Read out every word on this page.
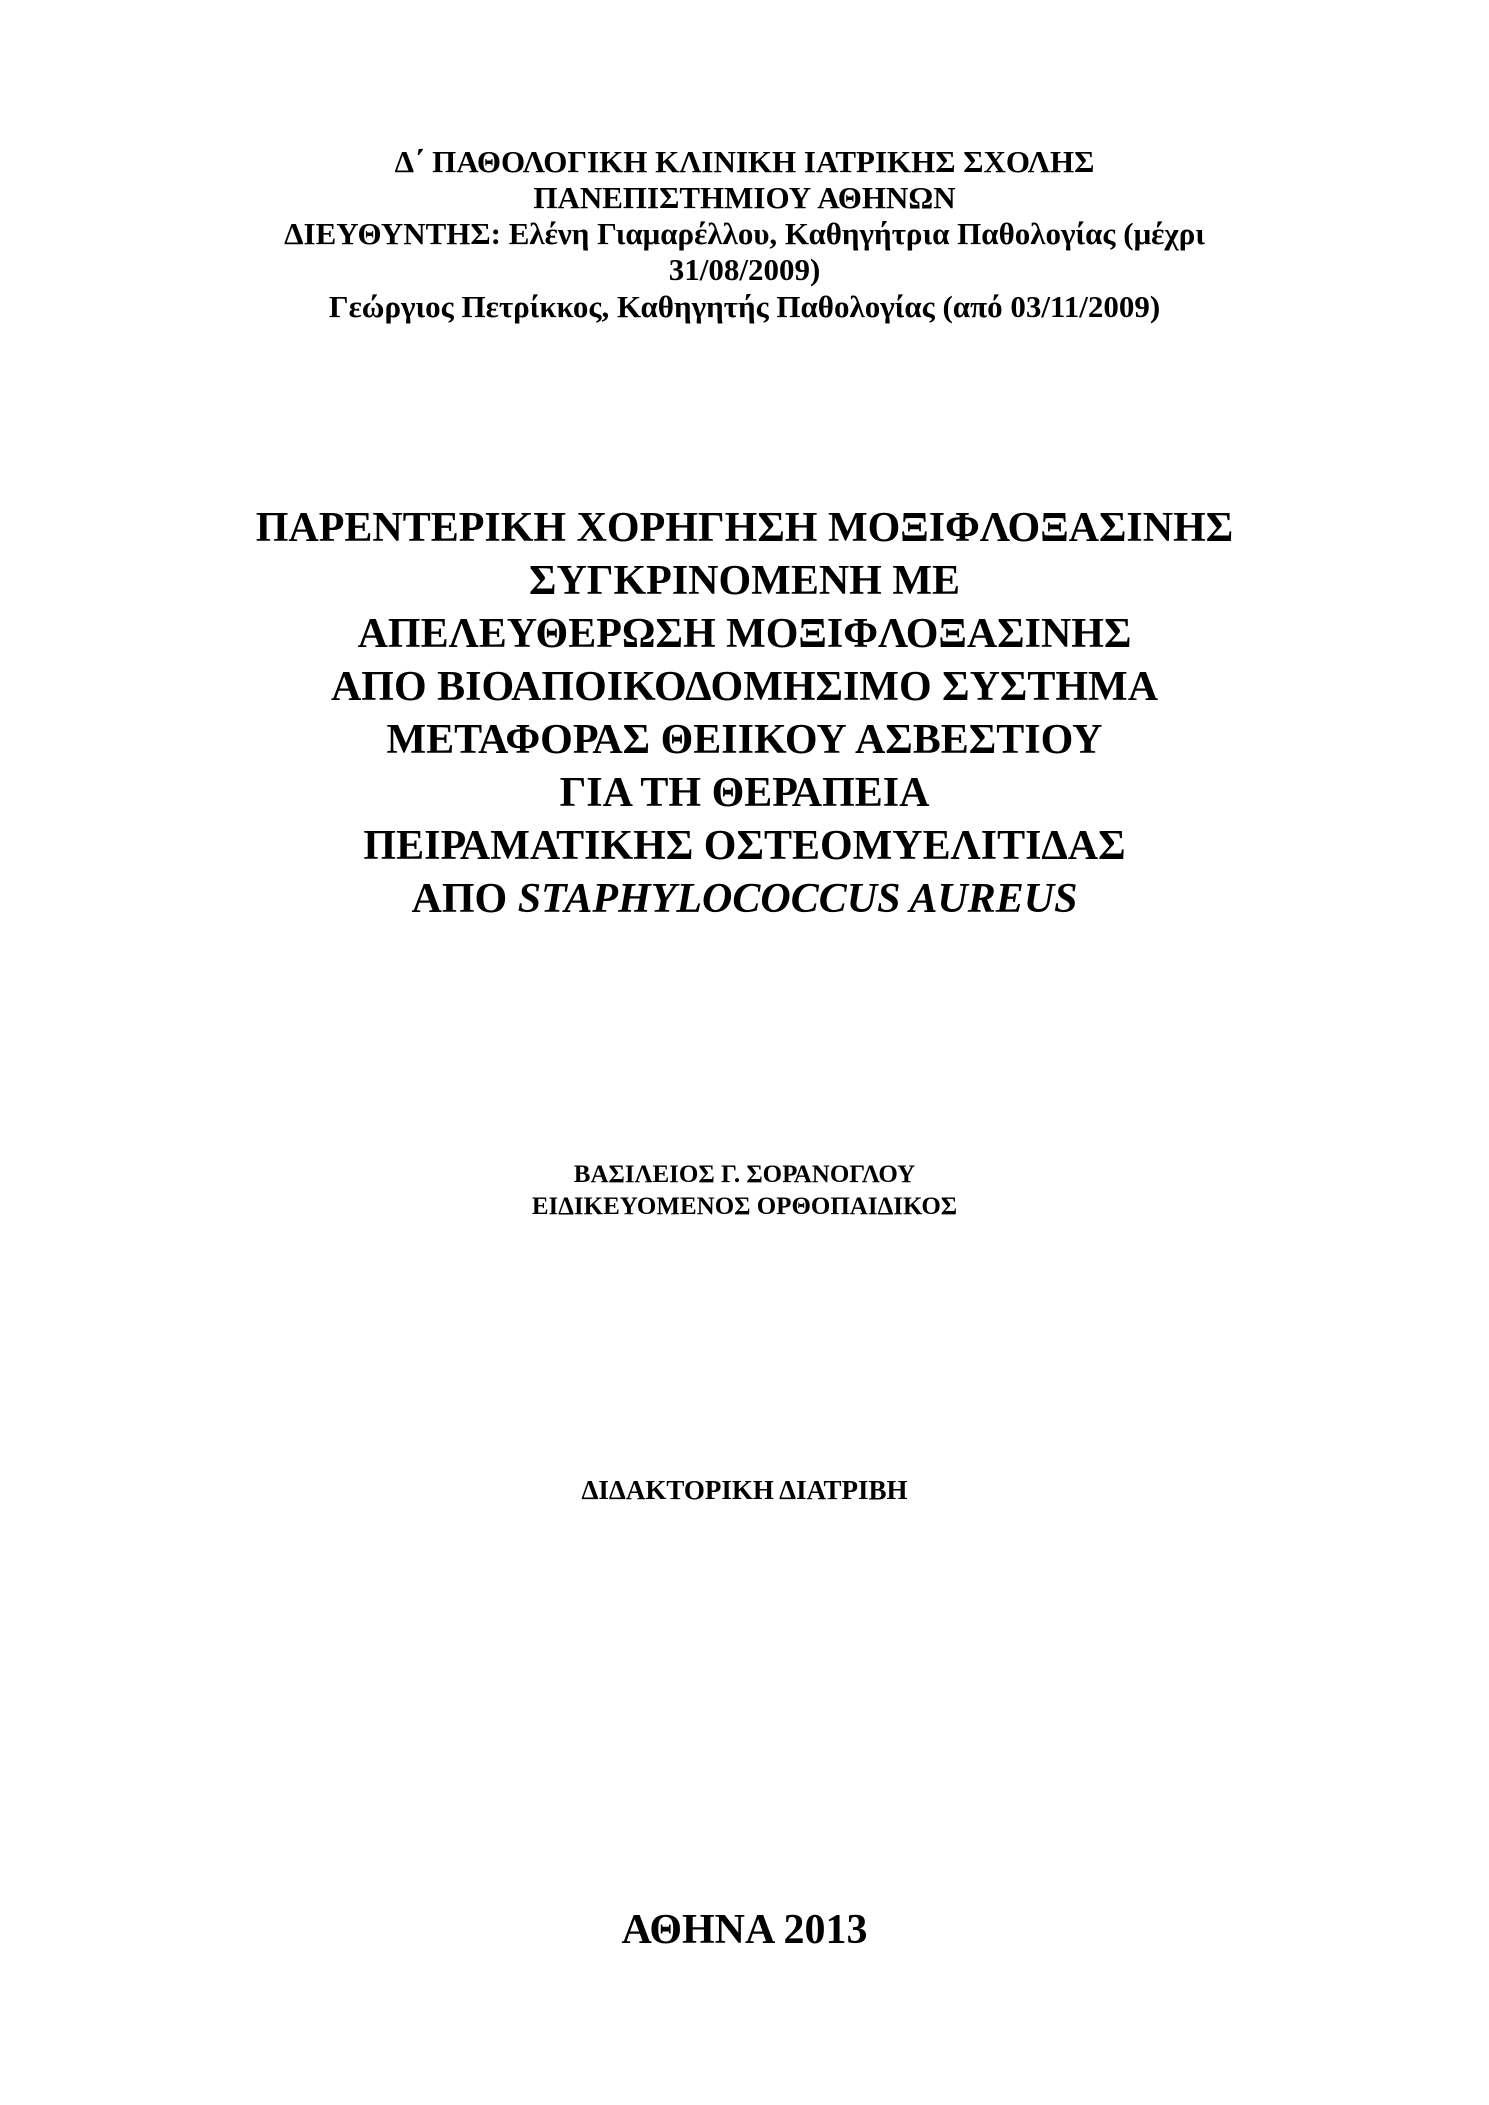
Δ΄ ΠΑΘΟΛΟΓΙΚΗ ΚΛΙΝΙΚΗ ΙΑΤΡΙΚΗΣ ΣΧΟΛΗΣ

ΠΑΝΕΠΙΣΤΗΜΙΟΥ ΑΘΗΝΩΝ

ΔΙΕΥΘΥΝΤΗΣ: Ελένη Γιαμαρέλλου, Καθηγήτρια Παθολογίας (μέχρι

31/08/2009)

Γεώργιος Πετρίκκος, Καθηγητής Παθολογίας (από 03/11/2009)

ΠΑΡΕΝΤΕΡΙΚΗ ΧΟΡΗΓΗΣΗ ΜΟΞΙΦΛΟΞΑΣΙΝΗΣ

ΣΥΓΚΡΙΝΟΜΕΝΗ ΜΕ

ΑΠΕΛΕΥΘΕΡΩΣΗ ΜΟΞΙΦΛΟΞΑΣΙΝΗΣ

ΑΠΟ ΒΙΟΑΠΟΙΚΟΔΟΜΗΣΙΜΟ ΣΥΣΤΗΜΑ

ΜΕΤΑΦΟΡΑΣ ΘΕΙΙΚΟΥ ΑΣΒΕΣΤΙΟΥ

ΓΙΑ ΤΗ ΘΕΡΑΠΕΙΑ

ΠΕΙΡΑΜΑΤΙΚΗΣ ΟΣΤΕΟΜΥΕΛΙΤΙΔΑΣ

ΑΠΟ STAPHYLOCOCCUS AUREUS

ΒΑΣΙΛΕΙΟΣ Γ. ΣΟΡΑΝΟΓΛΟΥ

ΕΙΔΙΚΕΥΟΜΕΝΟΣ ΟΡΘΟΠΑΙΔΙΚΟΣ

ΔΙΔΑΚΤΟΡΙΚΗ ΔΙΑΤΡΙΒΗ

ΑΘΗΝΑ 2013
